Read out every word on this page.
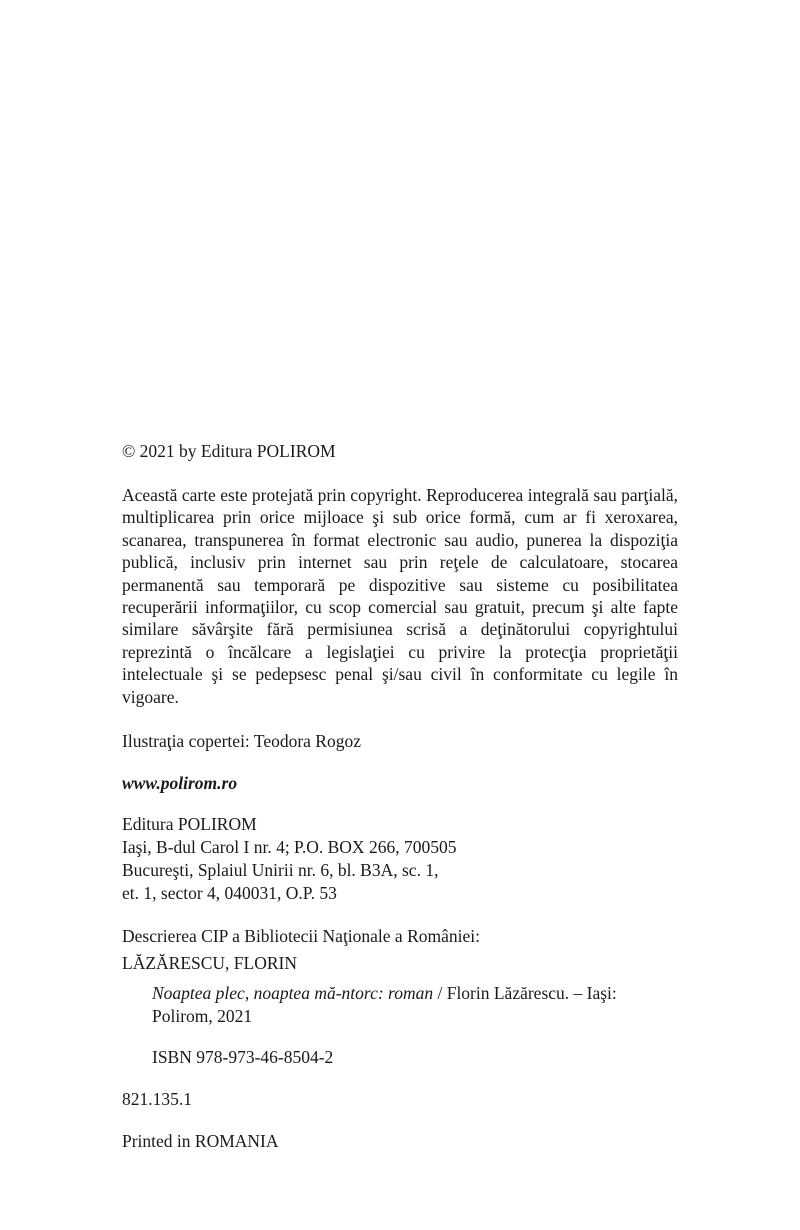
© 2021 by Editura POLIROM

Această carte este protejată prin copyright. Reproducerea integrală sau parţială, multiplicarea prin orice mijloace şi sub orice formă, cum ar fi xeroxarea, scanarea, transpunerea în format electronic sau audio, punerea la dispoziţia publică, inclusiv prin internet sau prin reţele de calculatoare, stocarea permanentă sau temporară pe dispozitive sau sisteme cu posibilitatea recuperării informaţiilor, cu scop comercial sau gratuit, precum şi alte fapte similare săvârşite fără permisiunea scrisă a deţinătorului copyrightului reprezintă o încălcare a legislaţiei cu privire la protecţia proprietăţii intelectuale şi se pedepsesc penal şi/sau civil în conformitate cu legile în vigoare.

Ilustraţia copertei: Teodora Rogoz
www.polirom.ro
Editura POLIROM
Iaşi, B-dul Carol I nr. 4; P.O. BOX 266, 700505
Bucureşti, Splaiul Unirii nr. 6, bl. B3A, sc. 1,
et. 1, sector 4, 040031, O.P. 53
Descrierea CIP a Bibliotecii Naţionale a României:
LĂZĂRESCU, FLORIN
Noaptea plec, noaptea mă-ntorc: roman / Florin Lăzărescu. – Iaşi:
Polirom, 2021
ISBN 978-973-46-8504-2
821.135.1
Printed in ROMANIA
